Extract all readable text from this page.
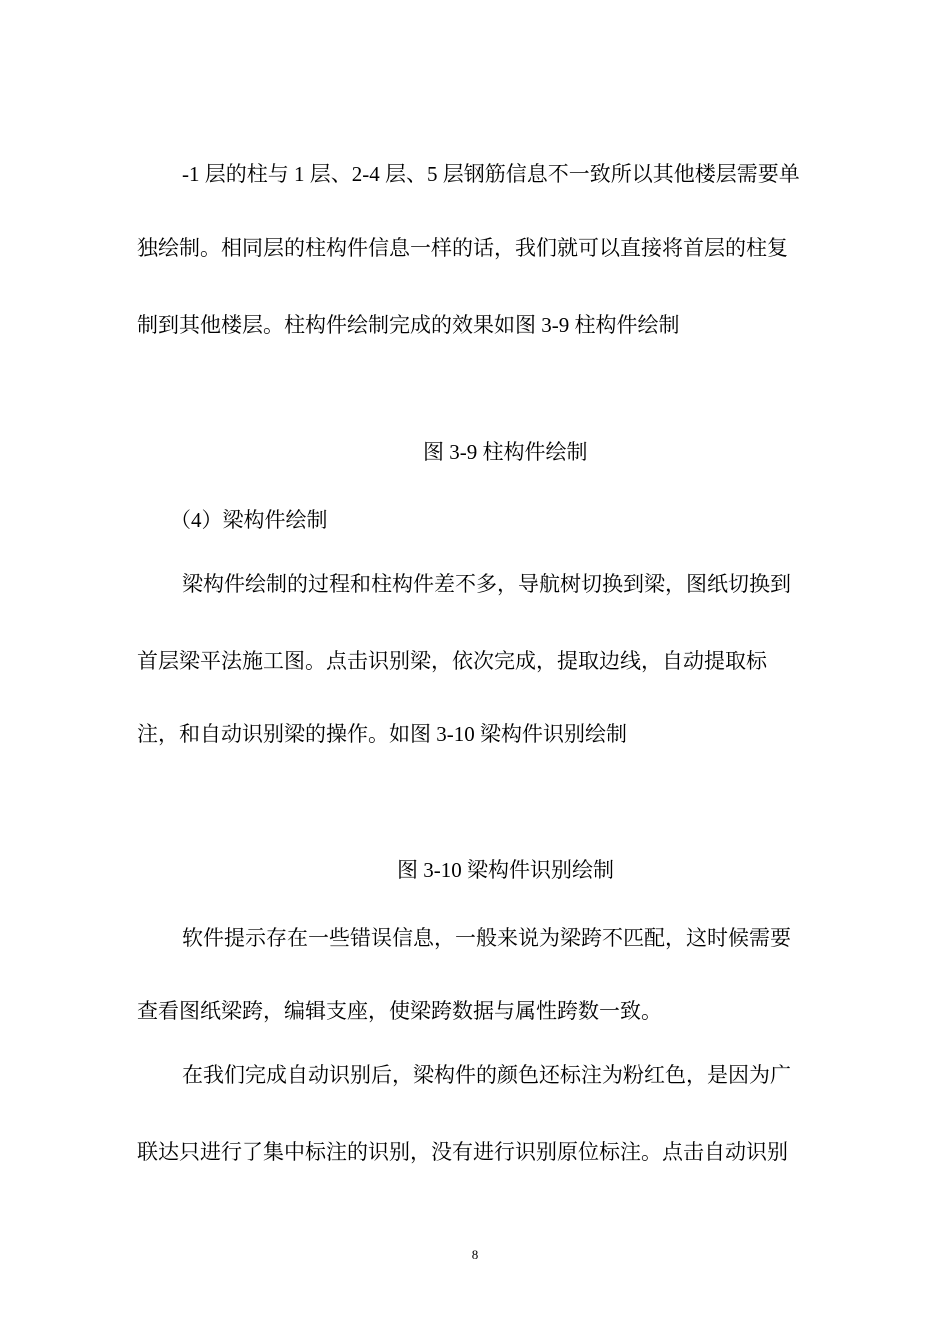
-1 层的柱与 1 层、2-4 层、5 层钢筋信息不一致所以其他楼层需要单

独绘制。相同层的柱构件信息一样的话，我们就可以直接将首层的柱复

制到其他楼层。柱构件绘制完成的效果如图 3-9 柱构件绘制

图 3-9 柱构件绘制

（4）梁构件绘制

梁构件绘制的过程和柱构件差不多，导航树切换到梁，图纸切换到

首层梁平法施工图。点击识别梁，依次完成，提取边线，自动提取标

注，和自动识别梁的操作。如图 3-10 梁构件识别绘制

图 3-10 梁构件识别绘制

软件提示存在一些错误信息，一般来说为梁跨不匹配，这时候需要

查看图纸梁跨，编辑支座，使梁跨数据与属性跨数一致。

在我们完成自动识别后，梁构件的颜色还标注为粉红色，是因为广

联达只进行了集中标注的识别，没有进行识别原位标注。点击自动识别

8
